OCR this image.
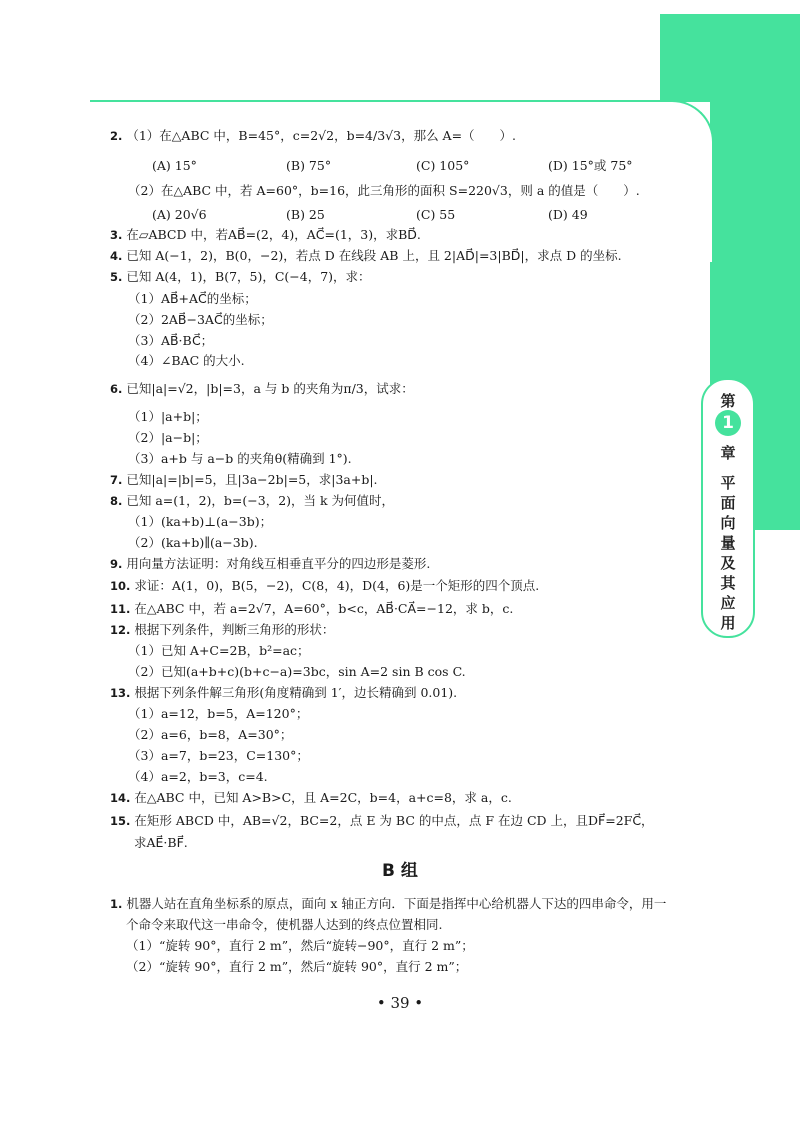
第
1
章
平
面
向
量
及
其
应
用
2. （1）在△ABC 中，B=45°，c=2√2，b=4/3√3，那么 A=（　　）.
(A) 15°	(B) 75°	(C) 105°	(D) 15°或 75°
（2）在△ABC 中，若 A=60°，b=16，此三角形的面积 S=220√3，则 a 的值是（　　）.
(A) 20√6	(B) 25	(C) 55	(D) 49
3. 在▱ABCD 中，若AB⃗=(2，4)，AC⃗=(1，3)，求BD⃗.
4. 已知 A(−1，2)，B(0，−2)，若点 D 在线段 AB 上，且 2|AD⃗|=3|BD⃗|，求点 D 的坐标.
5. 已知 A(4，1)，B(7，5)，C(−4，7)，求：
（1）AB⃗+AC⃗的坐标；
（2）2AB⃗−3AC⃗的坐标；
（3）AB⃗·BC⃗；
（4）∠BAC 的大小.
6. 已知|a|=√2，|b|=3，a 与 b 的夹角为π/3，试求：
（1）|a+b|；
（2）|a−b|；
（3）a+b 与 a−b 的夹角θ(精确到 1°).
7. 已知|a|=|b|=5，且|3a−2b|=5，求|3a+b|.
8. 已知 a=(1，2)，b=(−3，2)，当 k 为何值时，
（1）(ka+b)⊥(a−3b)；
（2）(ka+b)∥(a−3b).
9. 用向量方法证明：对角线互相垂直平分的四边形是菱形.
10. 求证：A(1，0)，B(5，−2)，C(8，4)，D(4，6)是一个矩形的四个顶点.
11. 在△ABC 中，若 a=2√7，A=60°，b<c，AB⃗·CA⃗=−12，求 b，c.
12. 根据下列条件，判断三角形的形状：
（1）已知 A+C=2B，b²=ac；
（2）已知(a+b+c)(b+c−a)=3bc，sin A=2 sin B cos C.
13. 根据下列条件解三角形(角度精确到 1′，边长精确到 0.01).
（1）a=12，b=5，A=120°；
（2）a=6，b=8，A=30°；
（3）a=7，b=23，C=130°；
（4）a=2，b=3，c=4.
14. 在△ABC 中，已知 A>B>C，且 A=2C，b=4，a+c=8，求 a，c.
15. 在矩形 ABCD 中，AB=√2，BC=2，点 E 为 BC 的中点，点 F 在边 CD 上，且DF⃗=2FC⃗，
求AE⃗·BF⃗.
B 组
1. 机器人站在直角坐标系的原点，面向 x 轴正方向．下面是指挥中心给机器人下达的四串命令，用一
个命令来取代这一串命令，使机器人达到的终点位置相同.
（1）“旋转 90°，直行 2 m”，然后“旋转−90°，直行 2 m”；
（2）“旋转 90°，直行 2 m”，然后“旋转 90°，直行 2 m”；
• 39 •
